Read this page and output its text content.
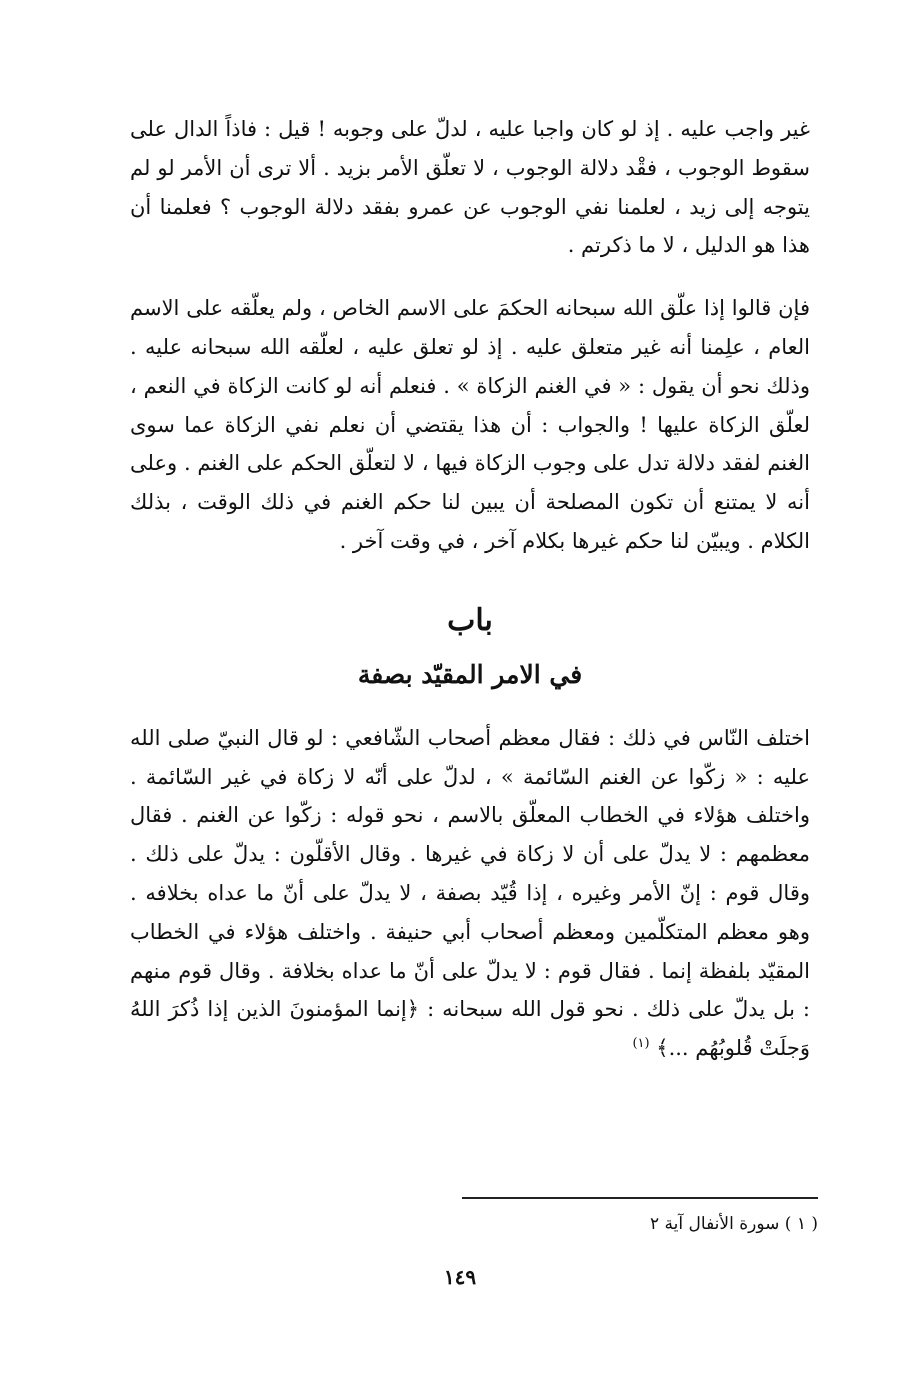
غير واجب عليه . إذ لو كان واجبا عليه ، لدلّ على وجوبه ! قيل : فاذاً الدال على سقوط الوجوب ، فقْد دلالة الوجوب ، لا تعلّق الأمر بزيد . ألا ترى أن الأمر لو لم يتوجه إلى زيد ، لعلمنا نفي الوجوب عن عمرو بفقد دلالة الوجوب ؟ فعلمنا أن هذا هو الدليل ، لا ما ذكرتم .

فإن قالوا إذا علّق الله سبحانه الحكمَ على الاسم الخاص ، ولم يعلّقه على الاسم العام ، علِمنا أنه غير متعلق عليه . إذ لو تعلق عليه ، لعلّقه الله سبحانه عليه . وذلك نحو أن يقول : « في الغنم الزكاة » . فنعلم أنه لو كانت الزكاة في النعم ، لعلّق الزكاة عليها ! والجواب : أن هذا يقتضي أن نعلم نفي الزكاة عما سوى الغنم لفقد دلالة تدل على وجوب الزكاة فيها ، لا لتعلّق الحكم على الغنم . وعلى أنه لا يمتنع أن تكون المصلحة أن يبين لنا حكم الغنم في ذلك الوقت ، بذلك الكلام . ويبيّن لنا حكم غيرها بكلام آخر ، في وقت آخر .

باب
في الامر المقيّد بصفة

اختلف النّاس في ذلك : فقال معظم أصحاب الشّافعي : لو قال النبيّ صلى الله عليه : « زكّوا عن الغنم السّائمة » ، لدلّ على أنّه لا زكاة في غير السّائمة . واختلف هؤلاء في الخطاب المعلّق بالاسم ، نحو قوله : زكّوا عن الغنم . فقال معظمهم : لا يدلّ على أن لا زكاة في غيرها . وقال الأقلّون : يدلّ على ذلك . وقال قوم : إنّ الأمر وغيره ، إذا قُيّد بصفة ، لا يدلّ على أنّ ما عداه بخلافه . وهو معظم المتكلّمين ومعظم أصحاب أبي حنيفة . واختلف هؤلاء في الخطاب المقيّد بلفظة إنما . فقال قوم : لا يدلّ على أنّ ما عداه بخلافة . وقال قوم منهم : بل يدلّ على ذلك . نحو قول الله سبحانه : ﴿إنما المؤمنونَ الذين إذا ذُكرَ اللهُ وَجلَتْ قُلوبُهُم ...﴾ $^{(١)}$

( ١ ) سورة الأنفال آية ٢
١٤٩
